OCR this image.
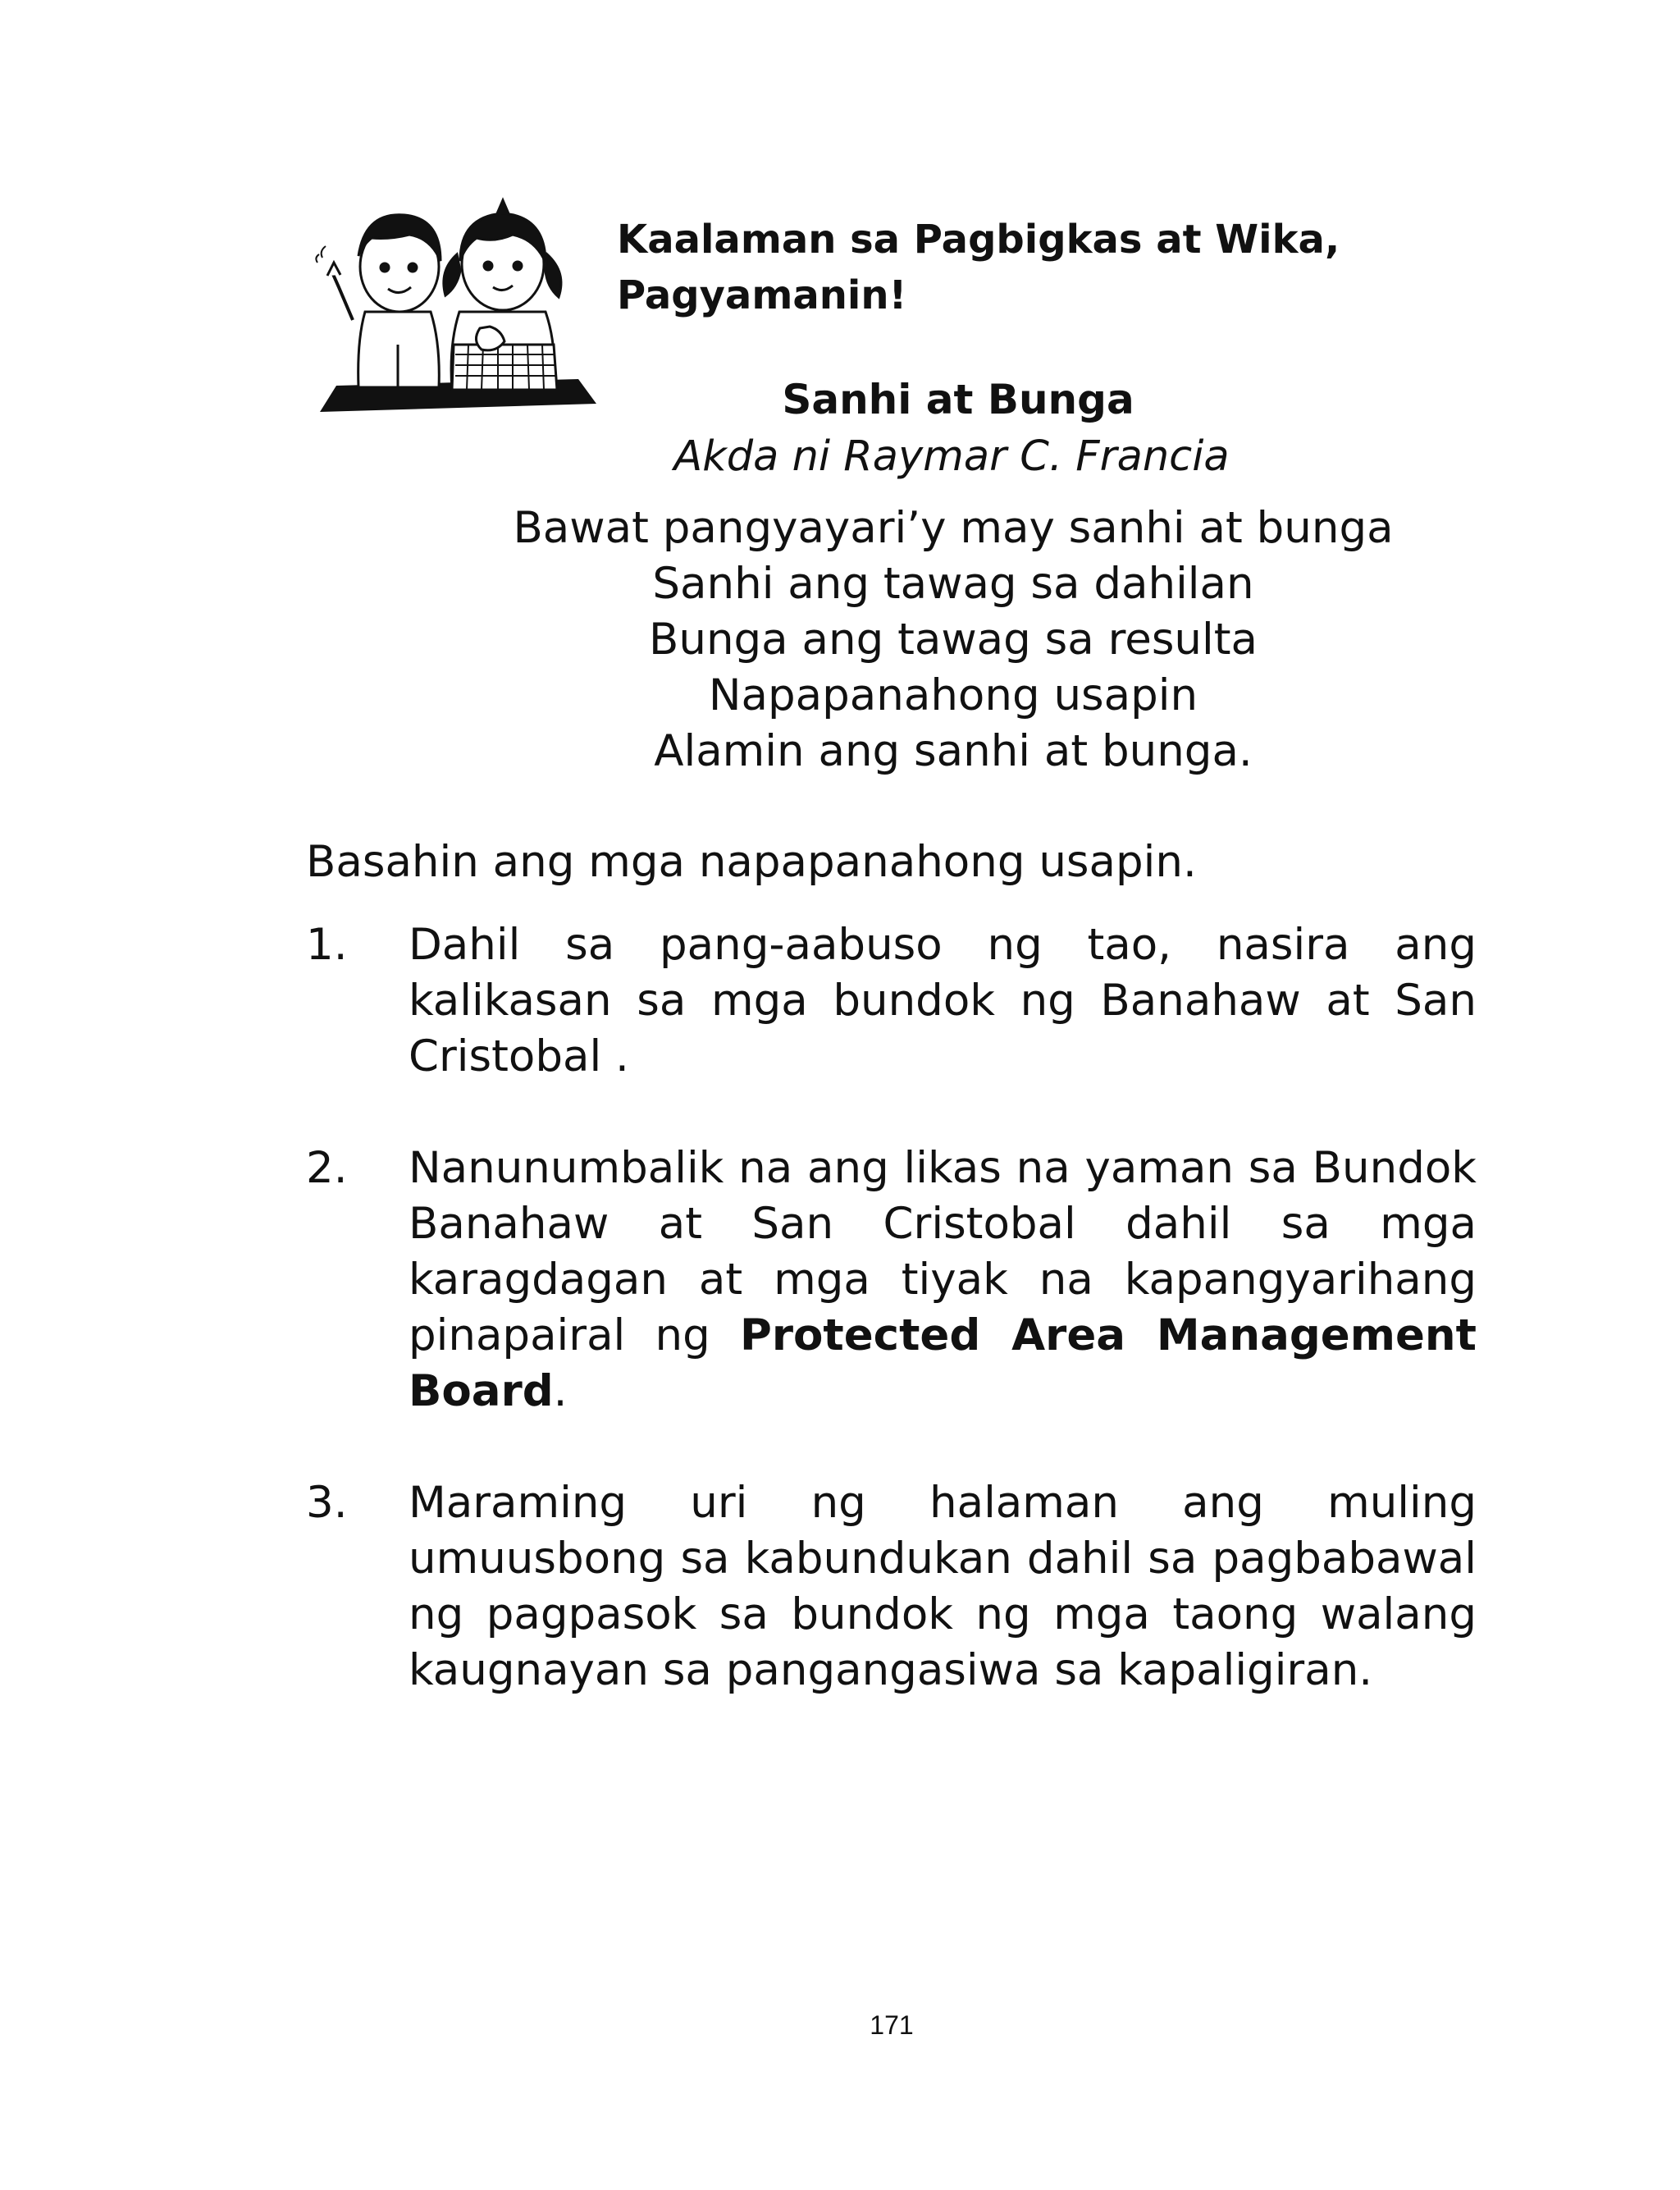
Kaalaman sa Pagbigkas at Wika,
Pagyamanin!
Sanhi at Bunga
Akda ni Raymar C. Francia
Bawat pangyayari’y may sanhi at bunga
Sanhi ang tawag sa dahilan
Bunga ang tawag sa resulta
Napapanahong usapin
Alamin ang sanhi at bunga.
Basahin ang mga napapanahong usapin.
1. Dahil sa pang-aabuso ng tao, nasira ang kalikasan sa mga bundok ng Banahaw at San Cristobal .
2. Nanunumbalik na ang likas na yaman sa Bundok Banahaw at San Cristobal dahil sa mga karagdagan at mga tiyak na kapangyarihang pinapairal ng Protected Area Management Board.
3. Maraming uri ng halaman ang muling umuusbong sa kabundukan dahil sa pagbabawal ng pagpasok sa bundok ng mga taong walang kaugnayan sa pangangasiwa sa kapaligiran.
171
